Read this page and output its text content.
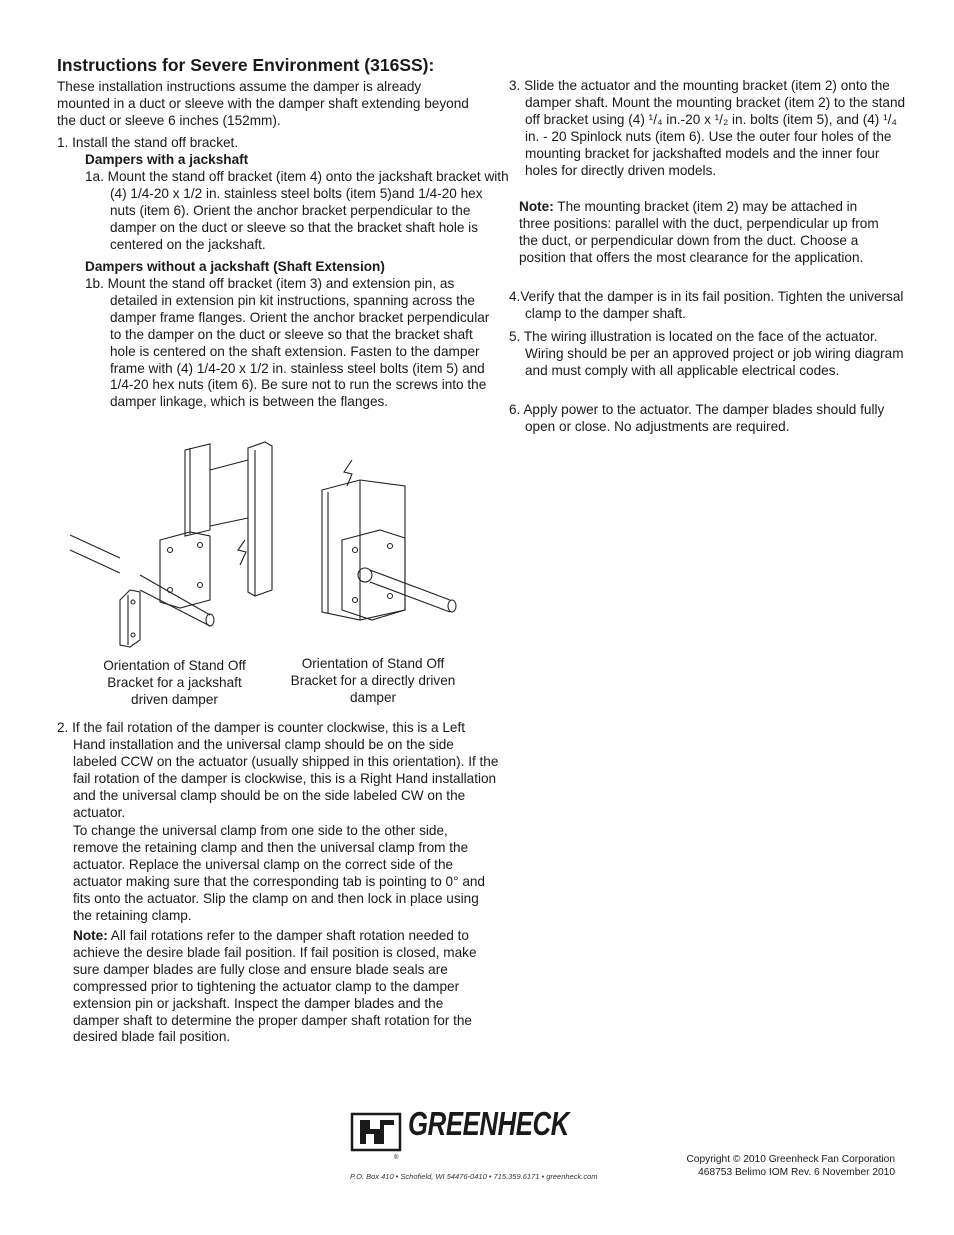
Instructions for Severe Environment (316SS):

These installation instructions assume the damper is already mounted in a duct or sleeve with the damper shaft extending beyond the duct or sleeve 6 inches (152mm).

1. Install the stand off bracket.

Dampers with a jackshaft

1a. Mount the stand off bracket (item 4) onto the jackshaft bracket with (4) 1/4-20 x 1/2 in. stainless steel bolts (item 5)and 1/4-20 hex nuts (item 6). Orient the anchor bracket perpendicular to the damper on the duct or sleeve so that the bracket shaft hole is centered on the jackshaft.

Dampers without a jackshaft (Shaft Extension)

1b. Mount the stand off bracket (item 3) and extension pin, as detailed in extension pin kit instructions, spanning across the damper frame flanges. Orient the anchor bracket perpendicular to the damper on the duct or sleeve so that the bracket shaft hole is centered on the shaft extension. Fasten to the damper frame with (4) 1/4-20 x 1/2 in. stainless steel bolts (item 5) and 1/4-20 hex nuts (item 6). Be sure not to run the screws into the damper linkage, which is between the flanges.

Orientation of Stand Off Bracket for a jackshaft driven damper

Orientation of Stand Off Bracket for a directly driven damper

2. If the fail rotation of the damper is counter clockwise, this is a Left Hand installation and the universal clamp should be on the side labeled CCW on the actuator (usually shipped in this orientation). If the fail rotation of the damper is clockwise, this is a Right Hand installation and the universal clamp should be on the side labeled CW on the actuator.

To change the universal clamp from one side to the other side, remove the retaining clamp and then the universal clamp from the actuator. Replace the universal clamp on the correct side of the actuator making sure that the corresponding tab is pointing to 0° and fits onto the actuator. Slip the clamp on and then lock in place using the retaining clamp.

Note: All fail rotations refer to the damper shaft rotation needed to achieve the desire blade fail position. If fail position is closed, make sure damper blades are fully close and ensure blade seals are compressed prior to tightening the actuator clamp to the damper extension pin or jackshaft. Inspect the damper blades and the damper shaft to determine the proper damper shaft rotation for the desired blade fail position.

3. Slide the actuator and the mounting bracket (item 2) onto the damper shaft. Mount the mounting bracket (item 2) to the stand off bracket using (4) ¹/₄ in.-20 x ¹/₂ in. bolts (item 5), and (4) ¹/₄ in. - 20 Spinlock nuts (item 6). Use the outer four holes of the mounting bracket for jackshafted models and the inner four holes for directly driven models.

Note: The mounting bracket (item 2) may be attached in three positions: parallel with the duct, perpendicular up from the duct, or perpendicular down from the duct. Choose a position that offers the most clearance for the application.

4.Verify that the damper is in its fail position. Tighten the universal clamp to the damper shaft.

5. The wiring illustration is located on the face of the actuator. Wiring should be per an approved project or job wiring diagram and must comply with all applicable electrical codes.

6. Apply power to the actuator. The damper blades should fully open or close. No adjustments are required.

GREENHECK
®

P.O. Box 410 • Schofield, WI 54476-0410 • 715.359.6171 • greenheck.com

Copyright © 2010 Greenheck Fan Corporation
468753 Belimo IOM Rev. 6 November 2010
